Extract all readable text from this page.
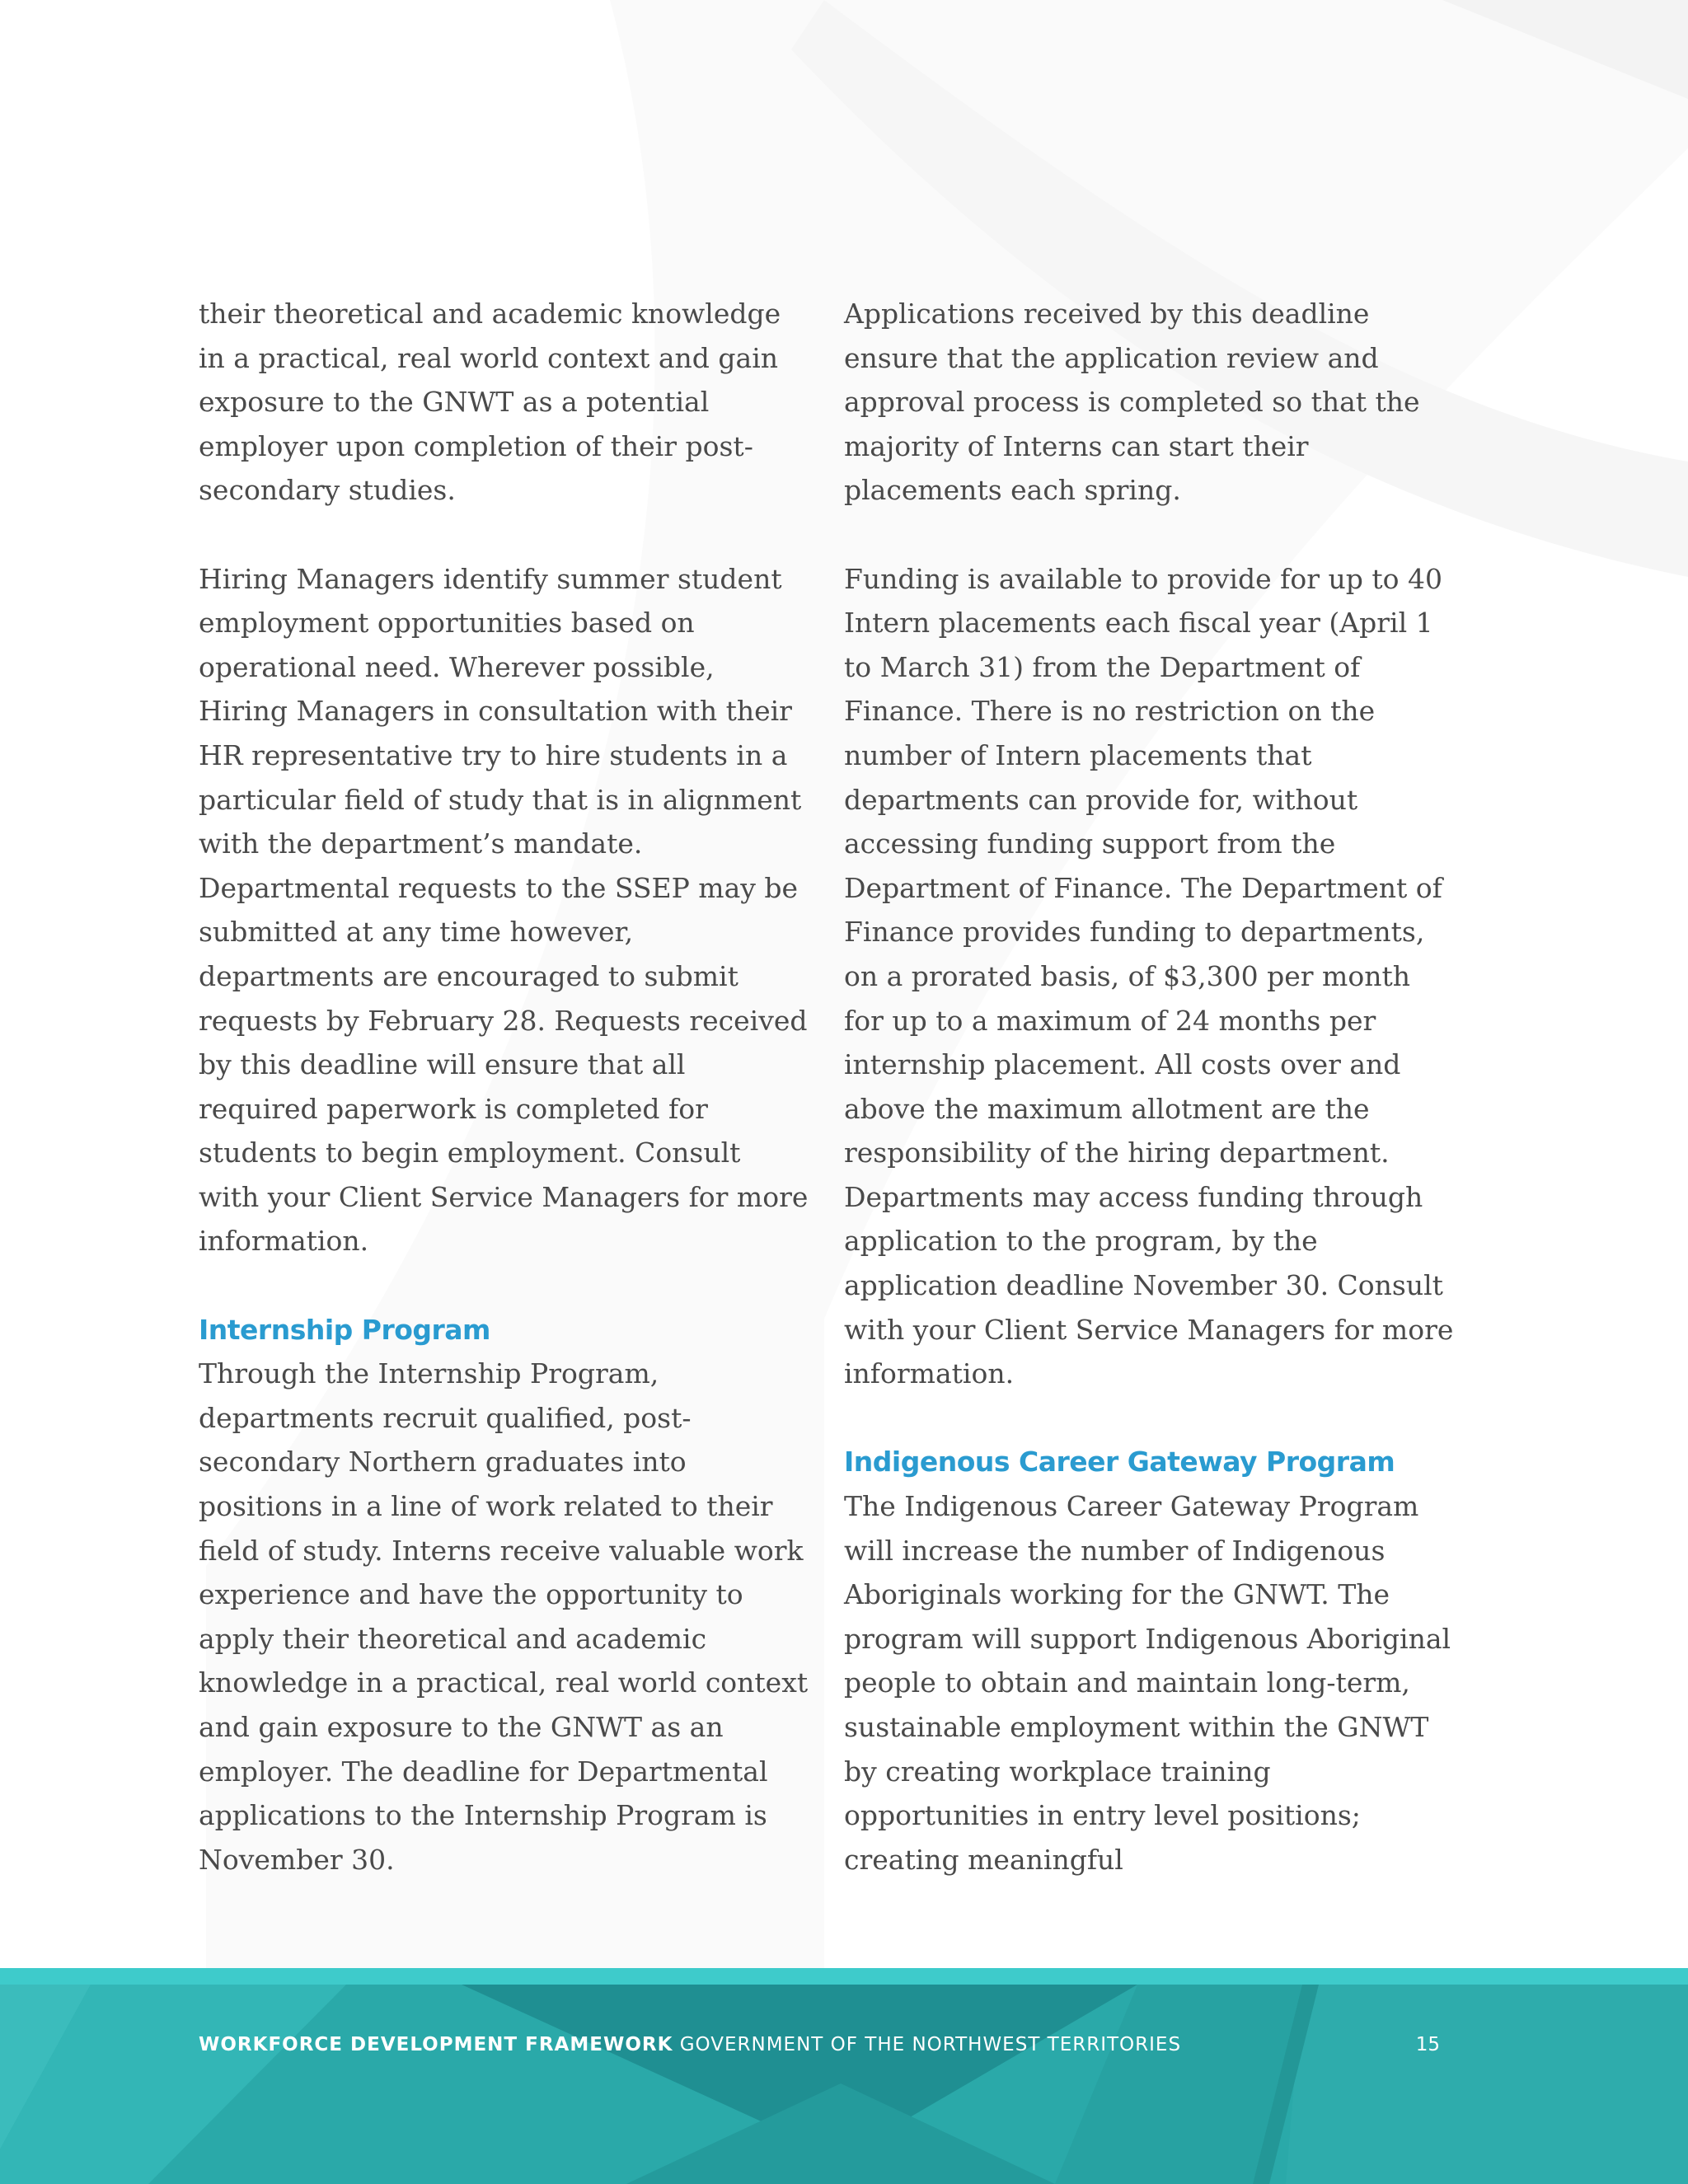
their theoretical and academic knowledge in a practical, real world context and gain exposure to the GNWT as a potential employer upon completion of their post-secondary studies.

Hiring Managers identify summer student employment opportunities based on operational need. Wherever possible, Hiring Managers in consultation with their HR representative try to hire students in a particular field of study that is in alignment with the department’s mandate. Departmental requests to the SSEP may be submitted at any time however, departments are encouraged to submit requests by February 28. Requests received by this deadline will ensure that all required paperwork is completed for students to begin employment. Consult with your Client Service Managers for more information.

Internship Program

Through the Internship Program, departments recruit qualified, post-secondary Northern graduates into positions in a line of work related to their field of study. Interns receive valuable work experience and have the opportunity to apply their theoretical and academic knowledge in a practical, real world context and gain exposure to the GNWT as an employer. The deadline for Departmental applications to the Internship Program is November 30.

Applications received by this deadline ensure that the application review and approval process is completed so that the majority of Interns can start their placements each spring.

Funding is available to provide for up to 40 Intern placements each fiscal year (April 1 to March 31) from the Department of Finance. There is no restriction on the number of Intern placements that departments can provide for, without accessing funding support from the Department of Finance. The Department of Finance provides funding to departments, on a prorated basis, of $3,300 per month for up to a maximum of 24 months per internship placement. All costs over and above the maximum allotment are the responsibility of the hiring department. Departments may access funding through application to the program, by the application deadline November 30. Consult with your Client Service Managers for more information.

Indigenous Career Gateway Program

The Indigenous Career Gateway Program will increase the number of Indigenous Aboriginals working for the GNWT. The program will support Indigenous Aboriginal people to obtain and maintain long-term, sustainable employment within the GNWT by creating workplace training opportunities in entry level positions; creating meaningful

WORKFORCE DEVELOPMENT FRAMEWORK GOVERNMENT OF THE NORTHWEST TERRITORIES	15
